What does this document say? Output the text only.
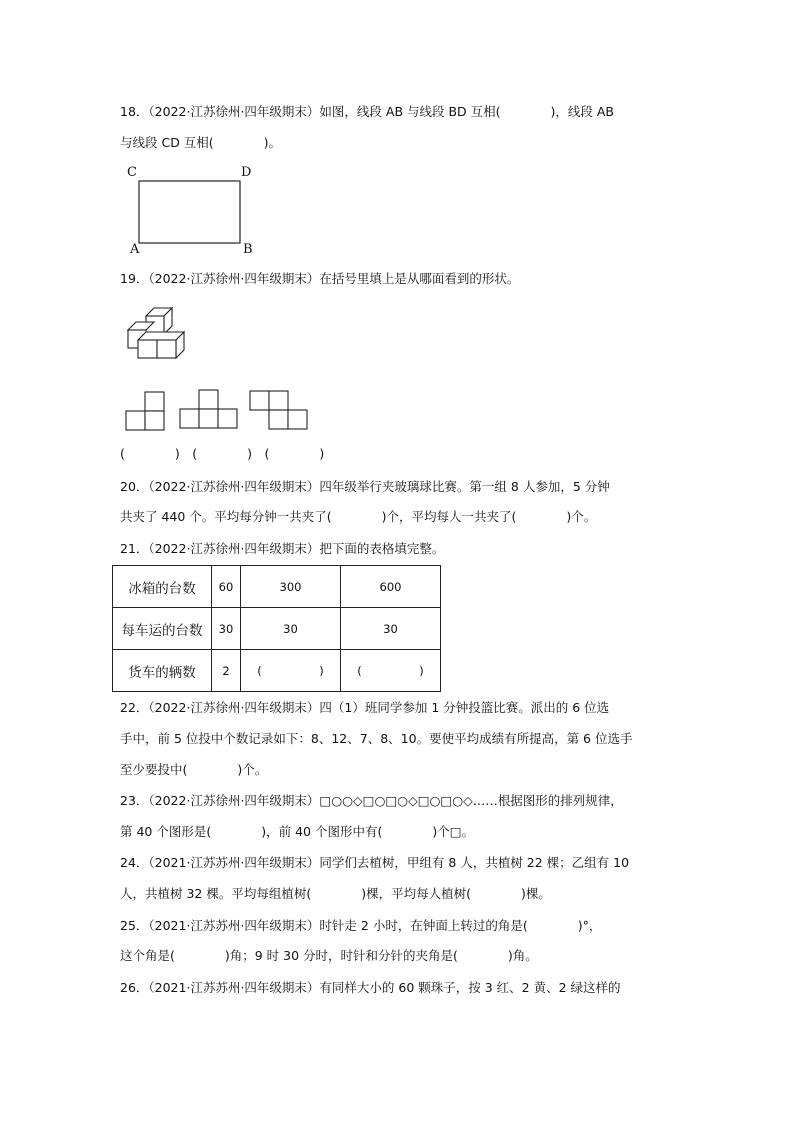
18．（2022·江苏徐州·四年级期末）如图，线段 AB 与线段 BD 互相(　　　　)，线段 AB
与线段 CD 互相(　　　　)。
C	D
A	B
19．（2022·江苏徐州·四年级期末）在括号里填上是从哪面看到的形状。
(　　　　)　(　　　　)　(　　　　)
20．（2022·江苏徐州·四年级期末）四年级举行夹玻璃球比赛。第一组 8 人参加，5 分钟
共夹了 440 个。平均每分钟一共夹了(　　　　)个，平均每人一共夹了(　　　　)个。
21．（2022·江苏徐州·四年级期末）把下面的表格填完整。
冰箱的台数	60	300	600
每车运的台数	30	30	30
货车的辆数	2	(　　　　　)	(　　　　　)
22．（2022·江苏徐州·四年级期末）四（1）班同学参加 1 分钟投篮比赛。派出的 6 位选
手中，前 5 位投中个数记录如下：8、12、7、8、10。要使平均成绩有所提高，第 6 位选手
至少要投中(　　　　)个。
23．（2022·江苏徐州·四年级期末）□○○◇□○□○◇□○□○◇……根据图形的排列规律，
第 40 个图形是(　　　　)，前 40 个图形中有(　　　　)个□。
24．（2021·江苏苏州·四年级期末）同学们去植树，甲组有 8 人，共植树 22 棵；乙组有 10
人，共植树 32 棵。平均每组植树(　　　　)棵，平均每人植树(　　　　)棵。
25．（2021·江苏苏州·四年级期末）时针走 2 小时，在钟面上转过的角是(　　　　)°，
这个角是(　　　　)角；9 时 30 分时，时针和分针的夹角是(　　　　)角。
26．（2021·江苏苏州·四年级期末）有同样大小的 60 颗珠子，按 3 红、2 黄、2 绿这样的
